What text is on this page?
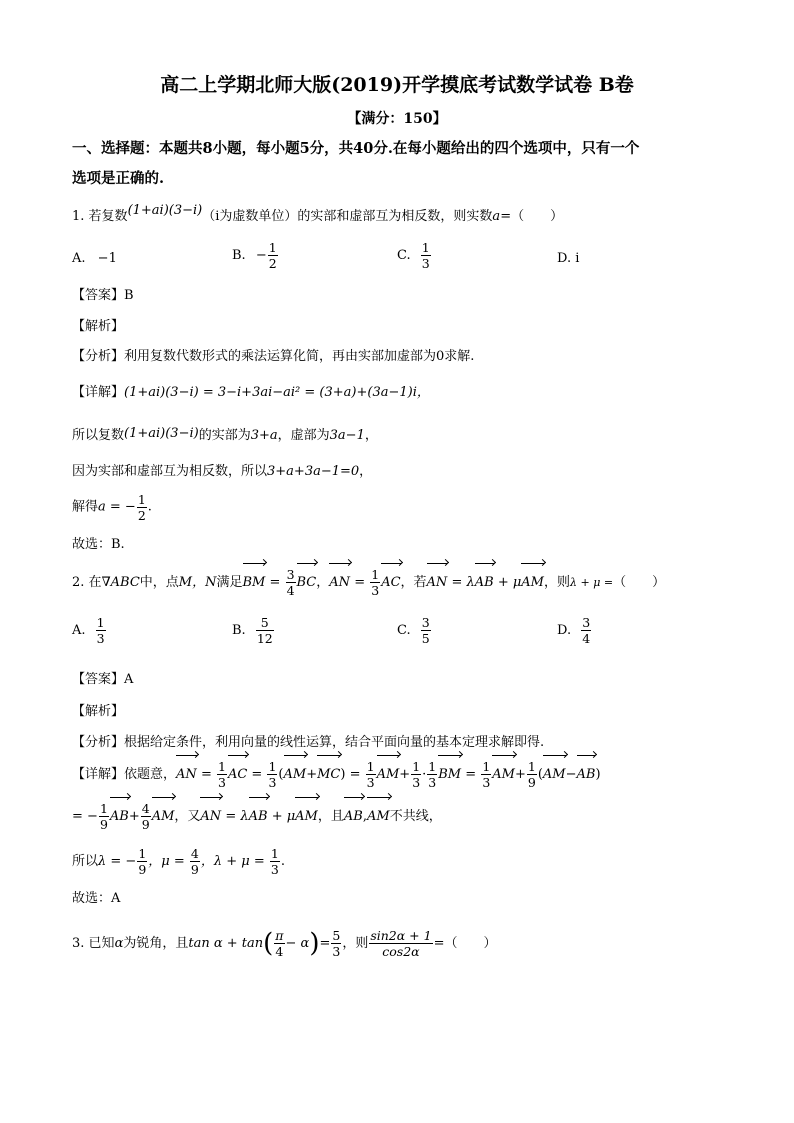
高二上学期北师大版(2019)开学摸底考试数学试卷 B卷
【满分：150】
一、选择题：本题共8小题，每小题5分，共40分.在每小题给出的四个选项中，只有一个
选项是正确的.
1. 若复数(1+ai)(3−i)（i为虚数单位）的实部和虚部互为相反数，则实数a=（　　）
A. −1	B. − $\frac{1}{2}$	C. $\frac{1}{3}$	D. i
【答案】B
【解析】
【分析】利用复数代数形式的乘法运算化简，再由实部加虚部为0求解.
【详解】(1+ai)(3−i) = 3−i+3ai−ai² = (3+a)+(3a−1)i，
所以复数(1+ai)(3−i)的实部为3+a，虚部为3a−1，
因为实部和虚部互为相反数，所以3+a+3a−1=0，
解得a = − $\frac{1}{2}$ .
故选：B.
2. 在∇ABC中，点M，N满足BM = $\frac{3}{4}$ BC，AN = $\frac{1}{3}$ AC，若AN = λAB + μAM，则λ + μ =（　　）
A. $\frac{1}{3}$	B. $\frac{5}{12}$	C. $\frac{3}{5}$	D. $\frac{3}{4}$
【答案】A
【解析】
【分析】根据给定条件，利用向量的线性运算，结合平面向量的基本定理求解即得.
【详解】依题意，AN = $\frac{1}{3}$ AC = $\frac{1}{3} (AM+MC) = \frac{1}{3} AM+ \frac{1}{3} \cdot \frac{1}{3}$ BM = $\frac{1}{3} AM+ \frac{1}{9} (AM-AB)$
= − $\frac{1}{9} AB+ \frac{4}{9}$ AM，又AN = λAB + μAM，且AB,AM不共线，
所以λ = − $\frac{1}{9}$ ，$\mu = \frac{4}{9}$ ，$\lambda + \mu = \frac{1}{3}$ .
故选：A
3. 已知α为锐角，且$\tan \alpha + \tan( \frac{\pi}{4} - \alpha)= \frac{5}{3}$ ，则 $\frac{\sin 2\alpha + 1}{\cos 2\alpha}$ =（　　）
